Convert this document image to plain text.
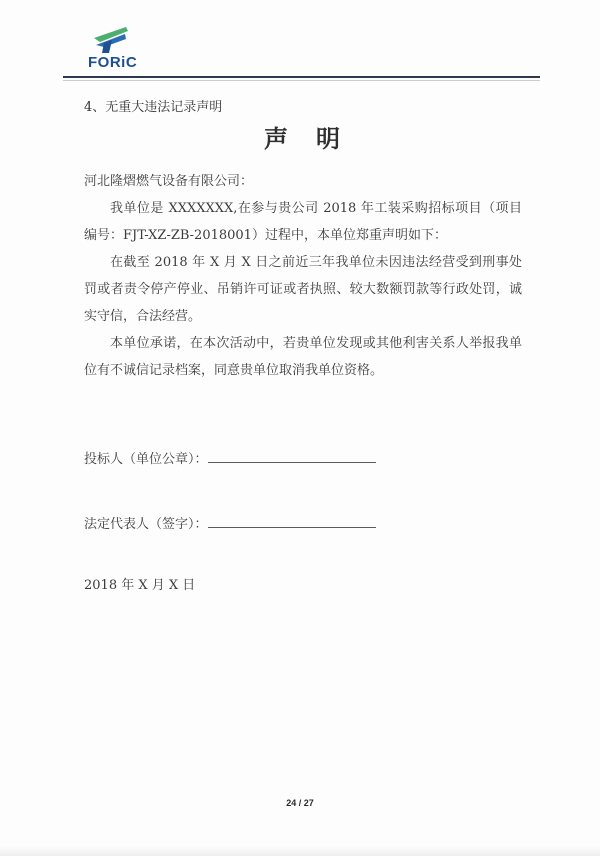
FORiC
4、无重大违法记录声明
声　明
河北隆熠燃气设备有限公司：

我单位是 XXXXXXX,在参与贵公司 2018 年工装采购招标项目（项目编号：FJT-XZ-ZB-2018001）过程中，本单位郑重声明如下：

在截至 2018 年 X 月 X 日之前近三年我单位未因违法经营受到刑事处罚或者责令停产停业、吊销许可证或者执照、较大数额罚款等行政处罚，诚实守信，合法经营。

本单位承诺，在本次活动中，若贵单位发现或其他利害关系人举报我单位有不诚信记录档案，同意贵单位取消我单位资格。

投标人（单位公章）：
法定代表人（签字）：
2018 年 X 月 X 日
24 / 27
